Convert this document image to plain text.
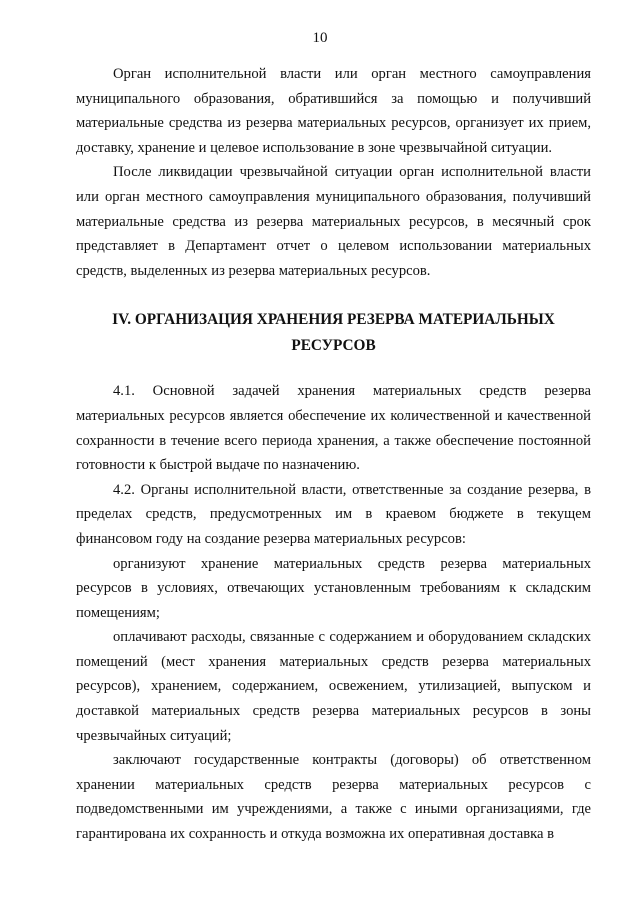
10

Орган исполнительной власти или орган местного самоуправления муниципального образования, обратившийся за помощью и получивший материальные средства из резерва материальных ресурсов, организует их прием, доставку, хранение и целевое использование в зоне чрезвычайной ситуации.

После ликвидации чрезвычайной ситуации орган исполнительной власти или орган местного самоуправления муниципального образования, получивший материальные средства из резерва материальных ресурсов, в месячный срок представляет в Департамент отчет о целевом использовании материальных средств, выделенных из резерва материальных ресурсов.

IV. ОРГАНИЗАЦИЯ ХРАНЕНИЯ РЕЗЕРВА МАТЕРИАЛЬНЫХ РЕСУРСОВ

4.1. Основной задачей хранения материальных средств резерва материальных ресурсов является обеспечение их количественной и качественной сохранности в течение всего периода хранения, а также обеспечение постоянной готовности к быстрой выдаче по назначению.

4.2. Органы исполнительной власти, ответственные за создание резерва, в пределах средств, предусмотренных им в краевом бюджете в текущем финансовом году на создание резерва материальных ресурсов:

организуют хранение материальных средств резерва материальных ресурсов в условиях, отвечающих установленным требованиям к складским помещениям;

оплачивают расходы, связанные с содержанием и оборудованием складских помещений (мест хранения материальных средств резерва материальных ресурсов), хранением, содержанием, освежением, утилизацией, выпуском и доставкой материальных средств резерва материальных ресурсов в зоны чрезвычайных ситуаций;

заключают государственные контракты (договоры) об ответственном хранении материальных средств резерва материальных ресурсов с подведомственными им учреждениями, а также с иными организациями, где гарантирована их сохранность и откуда возможна их оперативная доставка в
